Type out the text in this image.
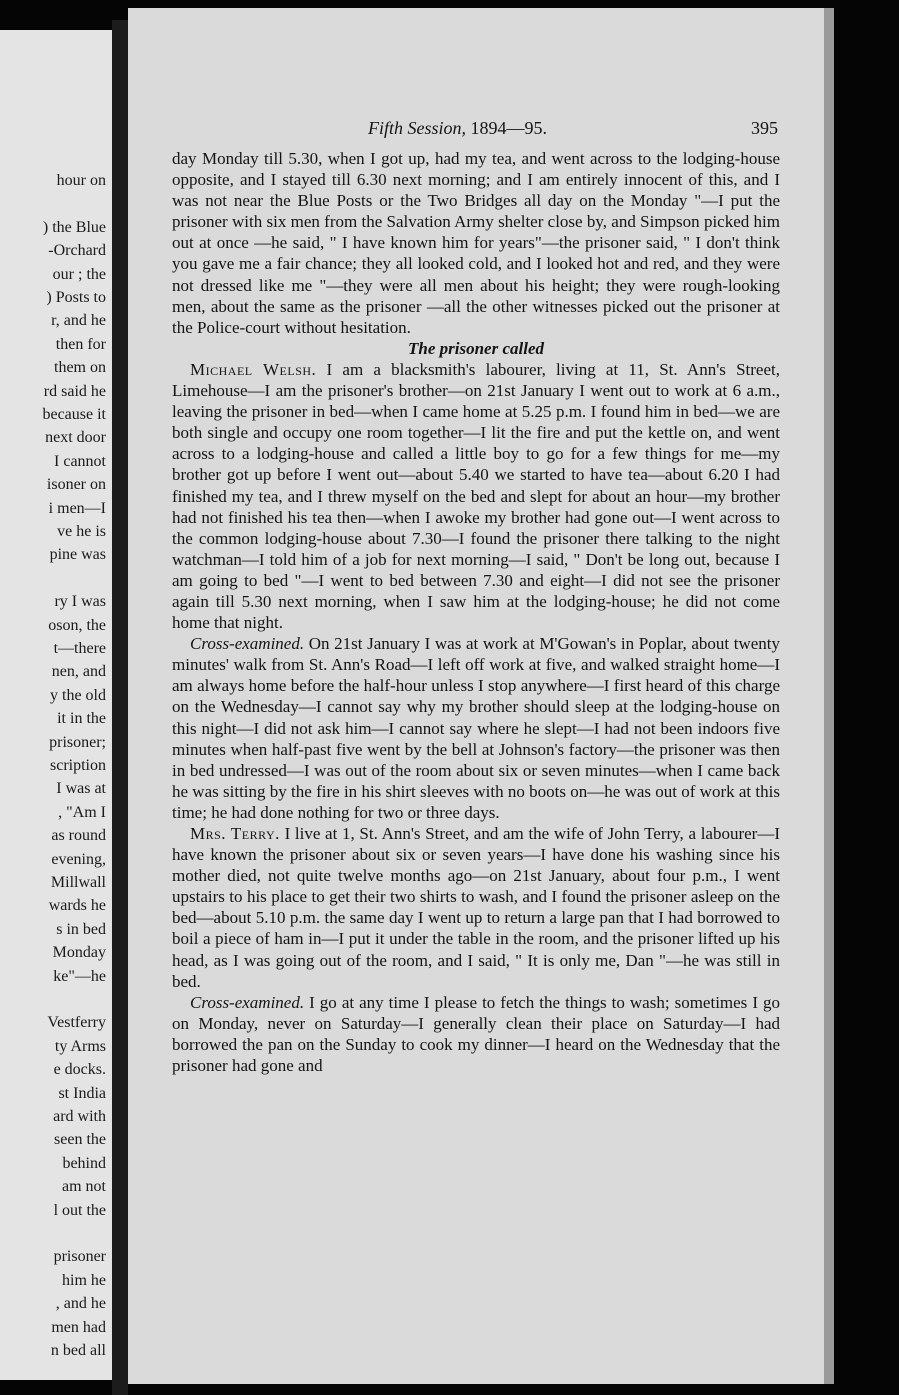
hour on
) the Blue
-Orchard
our ; the
) Posts to
r, and he
then for
them on
rd said he
because it
next door
I cannot
isoner on
i men—I
ve he is
pine was
ry I was
oson, the
t—there
nen, and
y the old
it in the
prisoner;
scription
I was at
, "Am I
as round
evening,
Millwall
wards he
s in bed
Monday
ke"—he
Vestferry
ty Arms
e docks.
st India
ard with
seen the
behind
am not
l out the
prisoner
him he
, and he
men had
n bed all
Fifth Session, 1894—95.	395

day Monday till 5.30, when I got up, had my tea, and went across to the lodging-house opposite, and I stayed till 6.30 next morning; and I am entirely innocent of this, and I was not near the Blue Posts or the Two Bridges all day on the Monday "—I put the prisoner with six men from the Salvation Army shelter close by, and Simpson picked him out at once —he said, " I have known him for years"—the prisoner said, " I don't think you gave me a fair chance; they all looked cold, and I looked hot and red, and they were not dressed like me "—they were all men about his height; they were rough-looking men, about the same as the prisoner —all the other witnesses picked out the prisoner at the Police-court without hesitation.

The prisoner called

Michael Welsh. I am a blacksmith's labourer, living at 11, St. Ann's Street, Limehouse—I am the prisoner's brother—on 21st January I went out to work at 6 a.m., leaving the prisoner in bed—when I came home at 5.25 p.m. I found him in bed—we are both single and occupy one room together—I lit the fire and put the kettle on, and went across to a lodging-house and called a little boy to go for a few things for me—my brother got up before I went out—about 5.40 we started to have tea—about 6.20 I had finished my tea, and I threw myself on the bed and slept for about an hour—my brother had not finished his tea then—when I awoke my brother had gone out—I went across to the common lodging-house about 7.30—I found the prisoner there talking to the night watchman—I told him of a job for next morning—I said, " Don't be long out, because I am going to bed "—I went to bed between 7.30 and eight—I did not see the prisoner again till 5.30 next morning, when I saw him at the lodging-house; he did not come home that night.

Cross-examined. On 21st January I was at work at M'Gowan's in Poplar, about twenty minutes' walk from St. Ann's Road—I left off work at five, and walked straight home—I am always home before the half-hour unless I stop anywhere—I first heard of this charge on the Wednesday—I cannot say why my brother should sleep at the lodging-house on this night—I did not ask him—I cannot say where he slept—I had not been indoors five minutes when half-past five went by the bell at Johnson's factory—the prisoner was then in bed undressed—I was out of the room about six or seven minutes—when I came back he was sitting by the fire in his shirt sleeves with no boots on—he was out of work at this time; he had done nothing for two or three days.

Mrs. Terry. I live at 1, St. Ann's Street, and am the wife of John Terry, a labourer—I have known the prisoner about six or seven years—I have done his washing since his mother died, not quite twelve months ago—on 21st January, about four p.m., I went upstairs to his place to get their two shirts to wash, and I found the prisoner asleep on the bed—about 5.10 p.m. the same day I went up to return a large pan that I had borrowed to boil a piece of ham in—I put it under the table in the room, and the prisoner lifted up his head, as I was going out of the room, and I said, " It is only me, Dan "—he was still in bed.

Cross-examined. I go at any time I please to fetch the things to wash; sometimes I go on Monday, never on Saturday—I generally clean their place on Saturday—I had borrowed the pan on the Sunday to cook my dinner—I heard on the Wednesday that the prisoner had gone and
